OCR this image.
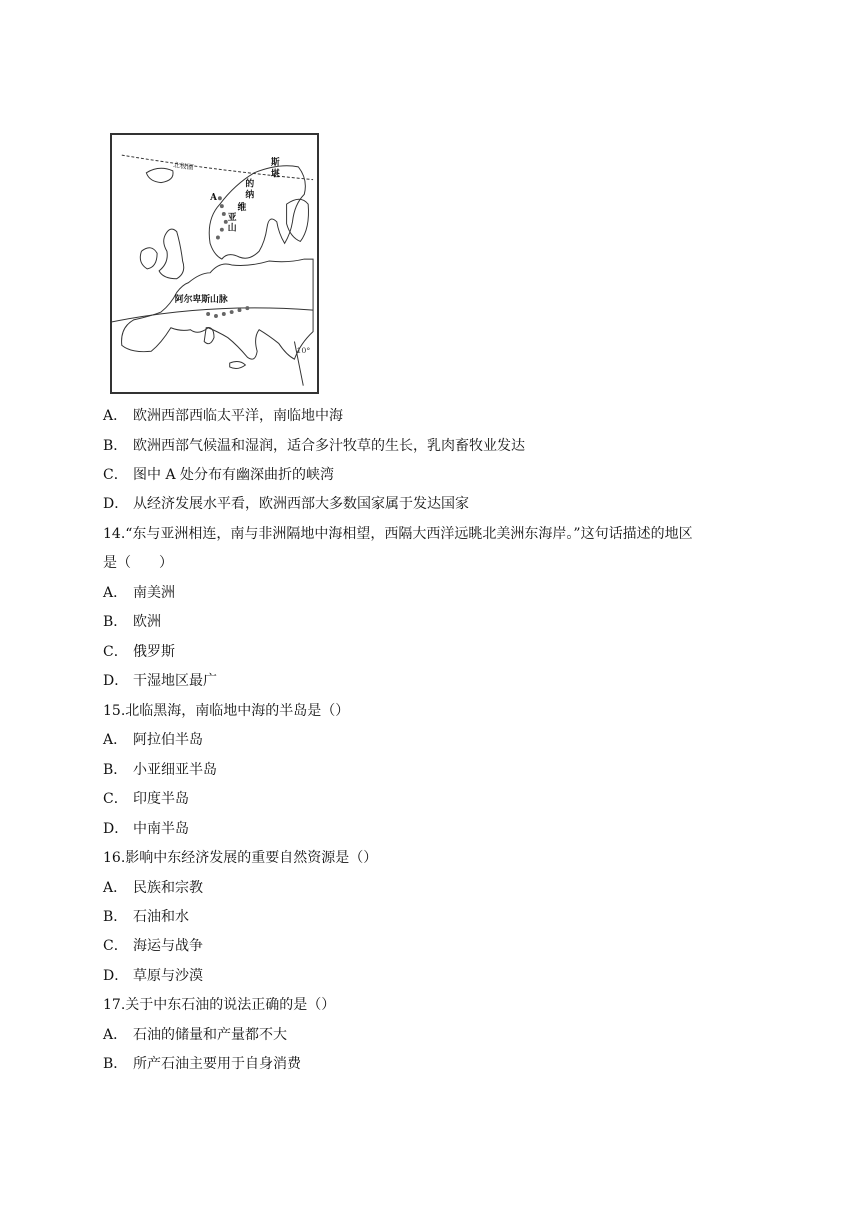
北极圈
10°
A
斯
堪
的
纳
维
亚
山
阿尔卑斯山脉
A． 欧洲西部西临太平洋，南临地中海
B． 欧洲西部气候温和湿润，适合多汁牧草的生长，乳肉畜牧业发达
C． 图中 A 处分布有幽深曲折的峡湾
D． 从经济发展水平看，欧洲西部大多数国家属于发达国家
14.“东与亚洲相连，南与非洲隔地中海相望，西隔大西洋远眺北美洲东海岸。”这句话描述的地区
是（　　）
A． 南美洲
B． 欧洲
C． 俄罗斯
D． 干湿地区最广
15.北临黑海，南临地中海的半岛是（）
A． 阿拉伯半岛
B． 小亚细亚半岛
C． 印度半岛
D． 中南半岛
16.影响中东经济发展的重要自然资源是（）
A． 民族和宗教
B． 石油和水
C． 海运与战争
D． 草原与沙漠
17.关于中东石油的说法正确的是（）
A． 石油的储量和产量都不大
B． 所产石油主要用于自身消费
